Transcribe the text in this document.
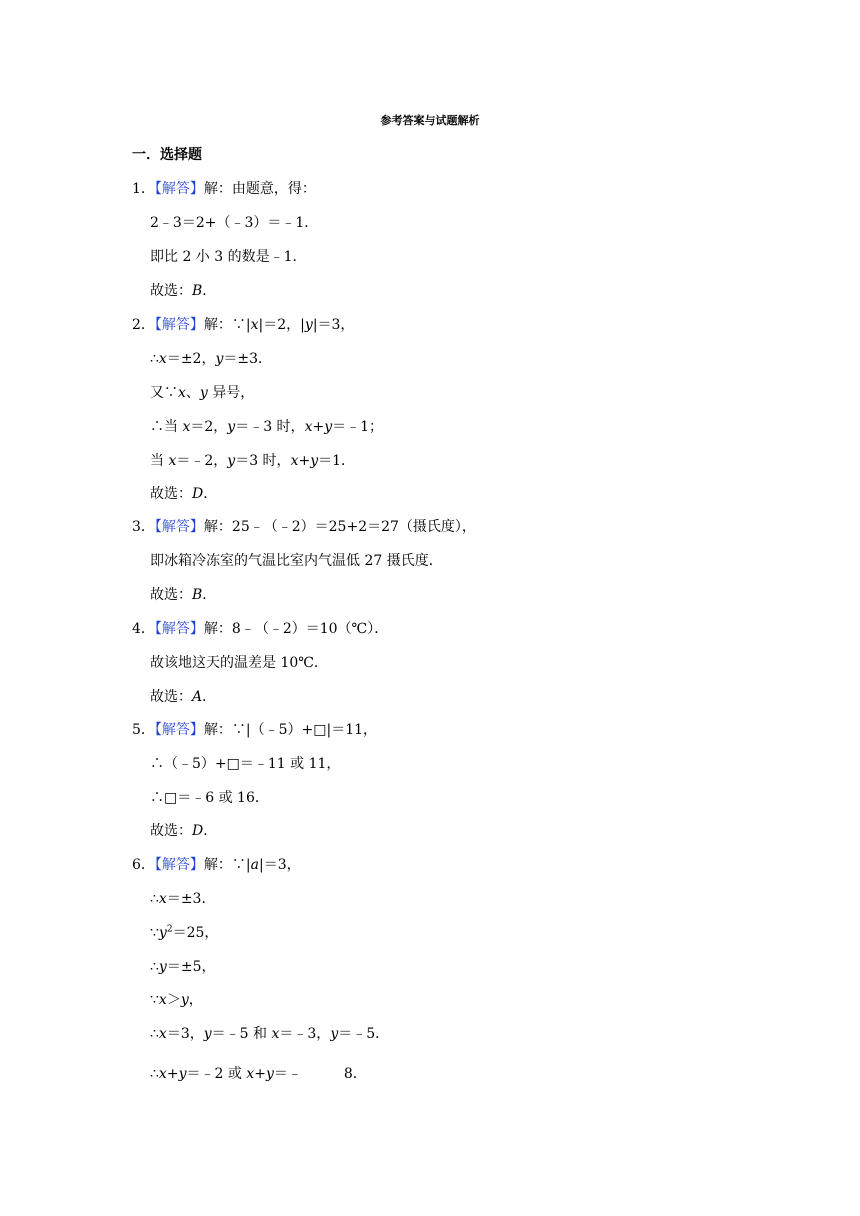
参考答案与试题解析
一．选择题
1．【解答】解：由题意，得：
2﹣3＝2+（﹣3）＝﹣1．
即比 2 小 3 的数是﹣1．
故选：B．
2．【解答】解：∵|x|＝2，|y|＝3，
∴x＝±2，y＝±3．
又∵x、y 异号，
∴当 x＝2，y＝﹣3 时，x+y＝﹣1；
当 x＝﹣2，y＝3 时，x+y＝1．
故选：D．
3．【解答】解：25﹣（﹣2）＝25+2＝27（摄氏度），
即冰箱冷冻室的气温比室内气温低 27 摄氏度．
故选：B．
4．【解答】解：8﹣（﹣2）＝10（℃）．
故该地这天的温差是 10℃．
故选：A．
5．【解答】解：∵|（﹣5）+□|＝11，
∴（﹣5）+□＝﹣11 或 11，
∴□＝﹣6 或 16．
故选：D．
6．【解答】解：∵|a|＝3，
∴x＝±3．
$\because y^2=25$，
∴y＝±5，
∵x＞y，
∴x＝3，y＝﹣5 和 x＝﹣3，y＝﹣5．
∴x+y＝﹣2 或 x+y＝﹣	8．
